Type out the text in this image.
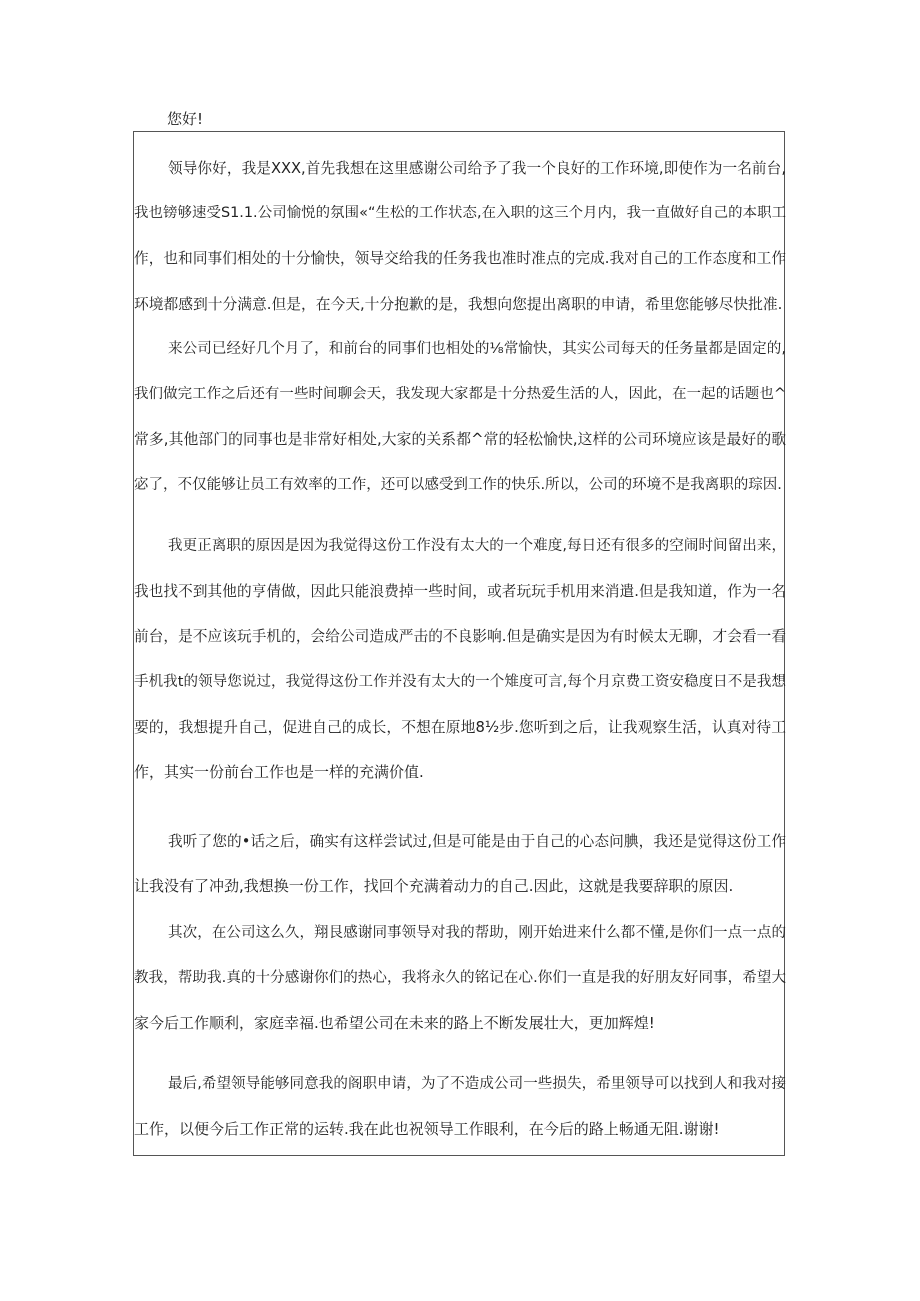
您好!

领导你好，我是XXX,首先我想在这里感谢公司给予了我一个良好的工作环境,即使作为一名前台,
我也镑够速受S1.1.公司愉悦的氛围«“生松的工作状态,在入职的这三个月内，我一直做好自己的本职工
作，也和同事们相处的十分愉快，领导交给我的任务我也准时准点的完成.我对自己的工作态度和工作
环境都感到十分满意.但是，在今天,十分抱歉的是，我想向您提出离职的申请，希里您能够尽快批准.
来公司已经好几个月了，和前台的同事们也相处的⅛常愉快，其实公司每天的任务量都是固定的,
我们做完工作之后还有一些时间聊会天，我发现大家都是十分热爱生活的人，因此，在一起的话题也^
常多,其他部门的同事也是非常好相处,大家的关系都^常的轻松愉快,这样的公司环境应该是最好的歌
宓了，不仅能够让员工有效率的工作，还可以感受到工作的快乐.所以，公司的环境不是我离职的琮因.
我更正离职的原因是因为我觉得这份工作没有太大的一个难度,每日还有很多的空闹时间留出来，
我也找不到其他的亨倩做，因此只能浪费掉一些时间，或者玩玩手机用来消遣.但是我知道，作为一名
前台，是不应该玩手机的，会给公司造成严击的不良影响.但是确实是因为有时候太无聊，才会看一看
手机我t的领导您说过，我觉得这份工作并没有太大的一个雉度可言,每个月京费工资安稳度日不是我想
要的，我想提升自己，促进自己的成长，不想在原地8½步.您听到之后，让我观察生活，认真对待工
作，其实一份前台工作也是一样的充满价值.
我听了您的•话之后，确实有这样尝试过,但是可能是由于自己的心态问腆，我还是觉得这份工作
让我没有了冲劲,我想换一份工作，找回个充满着动力的自己.因此，这就是我要辞职的原因.
其次，在公司这么久，翔艮感谢同事领导对我的帮助，刚开始进来什么都不懂,是你们一点一点的
教我，帮助我.真的十分感谢你们的热心，我将永久的铭记在心.你们一直是我的好朋友好同事，希望大
家今后工作顺利，家庭幸福.也希望公司在未来的路上不断发展壮大，更加辉煌!
最后,希望领导能够同意我的阁职申请，为了不造成公司一些损失，希里领导可以找到人和我对接
工作，以便今后工作正常的运转.我在此也祝领导工作眼利，在今后的路上畅通无阻.谢谢!
